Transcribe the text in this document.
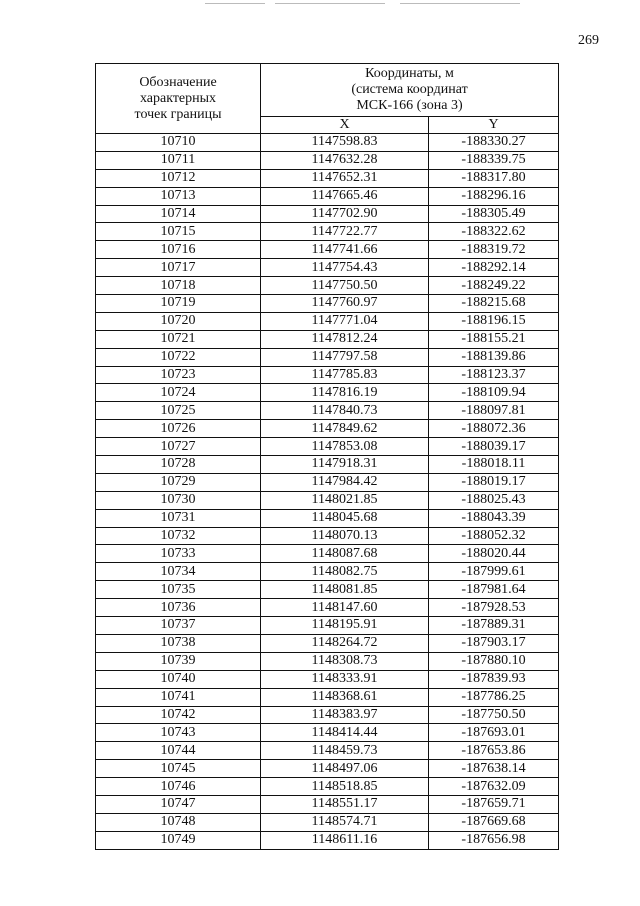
269
Обозначение
характерных
точек границы	Координаты, м
(система координат
МСК-166 (зона 3)	

	X	Y
10710	1147598.83	-188330.27
10711	1147632.28	-188339.75
10712	1147652.31	-188317.80
10713	1147665.46	-188296.16
10714	1147702.90	-188305.49
10715	1147722.77	-188322.62
10716	1147741.66	-188319.72
10717	1147754.43	-188292.14
10718	1147750.50	-188249.22
10719	1147760.97	-188215.68
10720	1147771.04	-188196.15
10721	1147812.24	-188155.21
10722	1147797.58	-188139.86
10723	1147785.83	-188123.37
10724	1147816.19	-188109.94
10725	1147840.73	-188097.81
10726	1147849.62	-188072.36
10727	1147853.08	-188039.17
10728	1147918.31	-188018.11
10729	1147984.42	-188019.17
10730	1148021.85	-188025.43
10731	1148045.68	-188043.39
10732	1148070.13	-188052.32
10733	1148087.68	-188020.44
10734	1148082.75	-187999.61
10735	1148081.85	-187981.64
10736	1148147.60	-187928.53
10737	1148195.91	-187889.31
10738	1148264.72	-187903.17
10739	1148308.73	-187880.10
10740	1148333.91	-187839.93
10741	1148368.61	-187786.25
10742	1148383.97	-187750.50
10743	1148414.44	-187693.01
10744	1148459.73	-187653.86
10745	1148497.06	-187638.14
10746	1148518.85	-187632.09
10747	1148551.17	-187659.71
10748	1148574.71	-187669.68
10749	1148611.16	-187656.98
